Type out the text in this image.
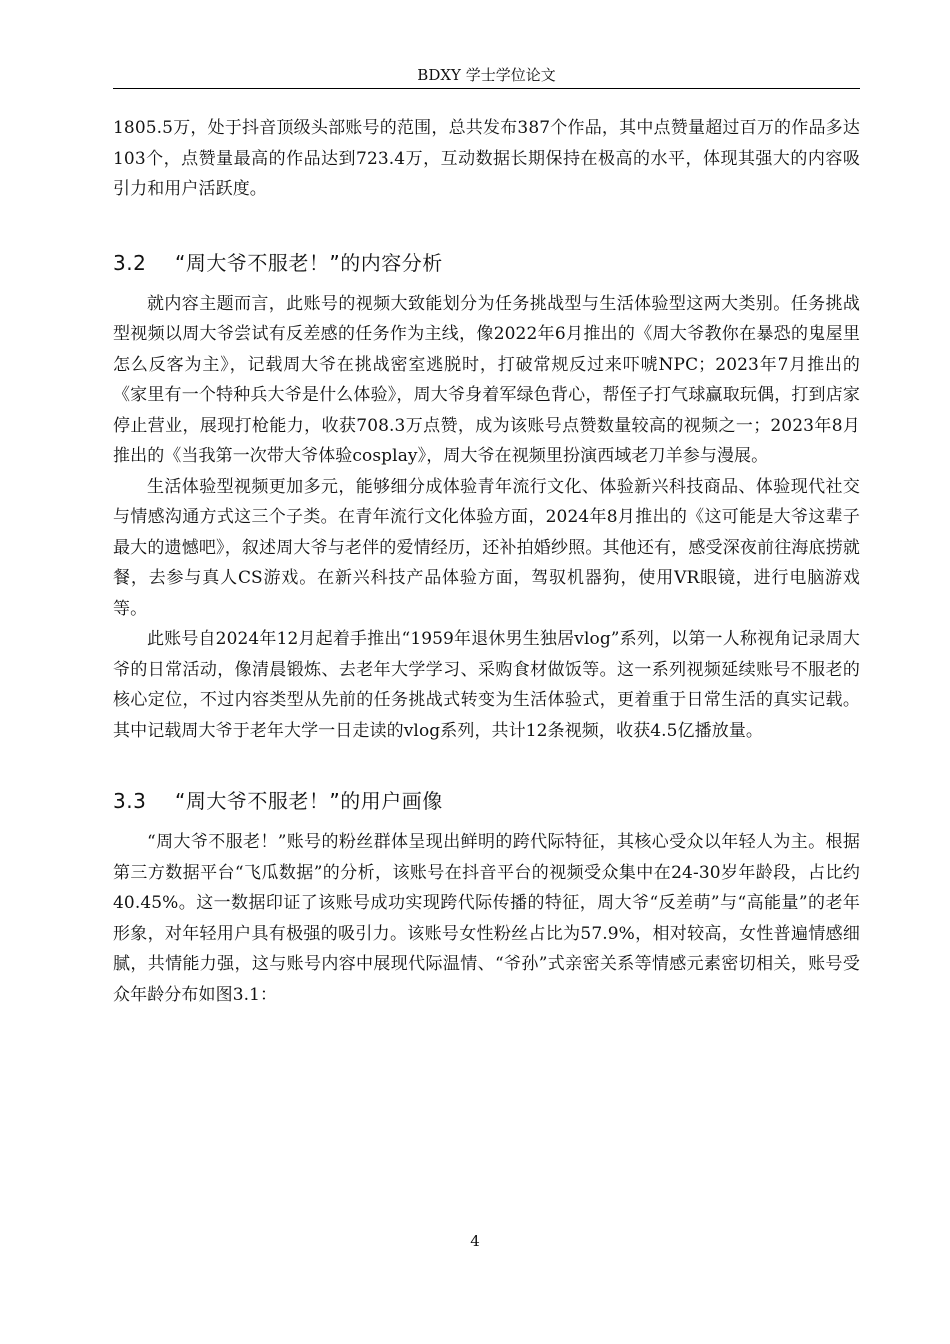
BDXY 学士学位论文

1805.5万，处于抖音顶级头部账号的范围，总共发布387个作品，其中点赞量超过百万的作品多达103个，点赞量最高的作品达到723.4万，互动数据长期保持在极高的水平，体现其强大的内容吸引力和用户活跃度。

3.2 “周大爷不服老！”的内容分析

就内容主题而言，此账号的视频大致能划分为任务挑战型与生活体验型这两大类别。任务挑战型视频以周大爷尝试有反差感的任务作为主线，像2022年6月推出的《周大爷教你在暴恐的鬼屋里怎么反客为主》，记载周大爷在挑战密室逃脱时，打破常规反过来吓唬NPC；2023年7月推出的《家里有一个特种兵大爷是什么体验》，周大爷身着军绿色背心，帮侄子打气球赢取玩偶，打到店家停止营业，展现打枪能力，收获708.3万点赞，成为该账号点赞数量较高的视频之一；2023年8月推出的《当我第一次带大爷体验cosplay》，周大爷在视频里扮演西域老刀羊参与漫展。

生活体验型视频更加多元，能够细分成体验青年流行文化、体验新兴科技商品、体验现代社交与情感沟通方式这三个子类。在青年流行文化体验方面，2024年8月推出的《这可能是大爷这辈子最大的遗憾吧》，叙述周大爷与老伴的爱情经历，还补拍婚纱照。其他还有，感受深夜前往海底捞就餐，去参与真人CS游戏。在新兴科技产品体验方面，驾驭机器狗，使用VR眼镜，进行电脑游戏等。

此账号自2024年12月起着手推出“1959年退休男生独居vlog”系列，以第一人称视角记录周大爷的日常活动，像清晨锻炼、去老年大学学习、采购食材做饭等。这一系列视频延续账号不服老的核心定位，不过内容类型从先前的任务挑战式转变为生活体验式，更着重于日常生活的真实记载。其中记载周大爷于老年大学一日走读的vlog系列，共计12条视频，收获4.5亿播放量。

3.3 “周大爷不服老！”的用户画像

“周大爷不服老！”账号的粉丝群体呈现出鲜明的跨代际特征，其核心受众以年轻人为主。根据第三方数据平台“飞瓜数据”的分析，该账号在抖音平台的视频受众集中在24-30岁年龄段，占比约40.45%。这一数据印证了该账号成功实现跨代际传播的特征，周大爷“反差萌”与“高能量”的老年形象，对年轻用户具有极强的吸引力。该账号女性粉丝占比为57.9%，相对较高，女性普遍情感细腻，共情能力强，这与账号内容中展现代际温情、“爷孙”式亲密关系等情感元素密切相关，账号受众年龄分布如图3.1：

4
